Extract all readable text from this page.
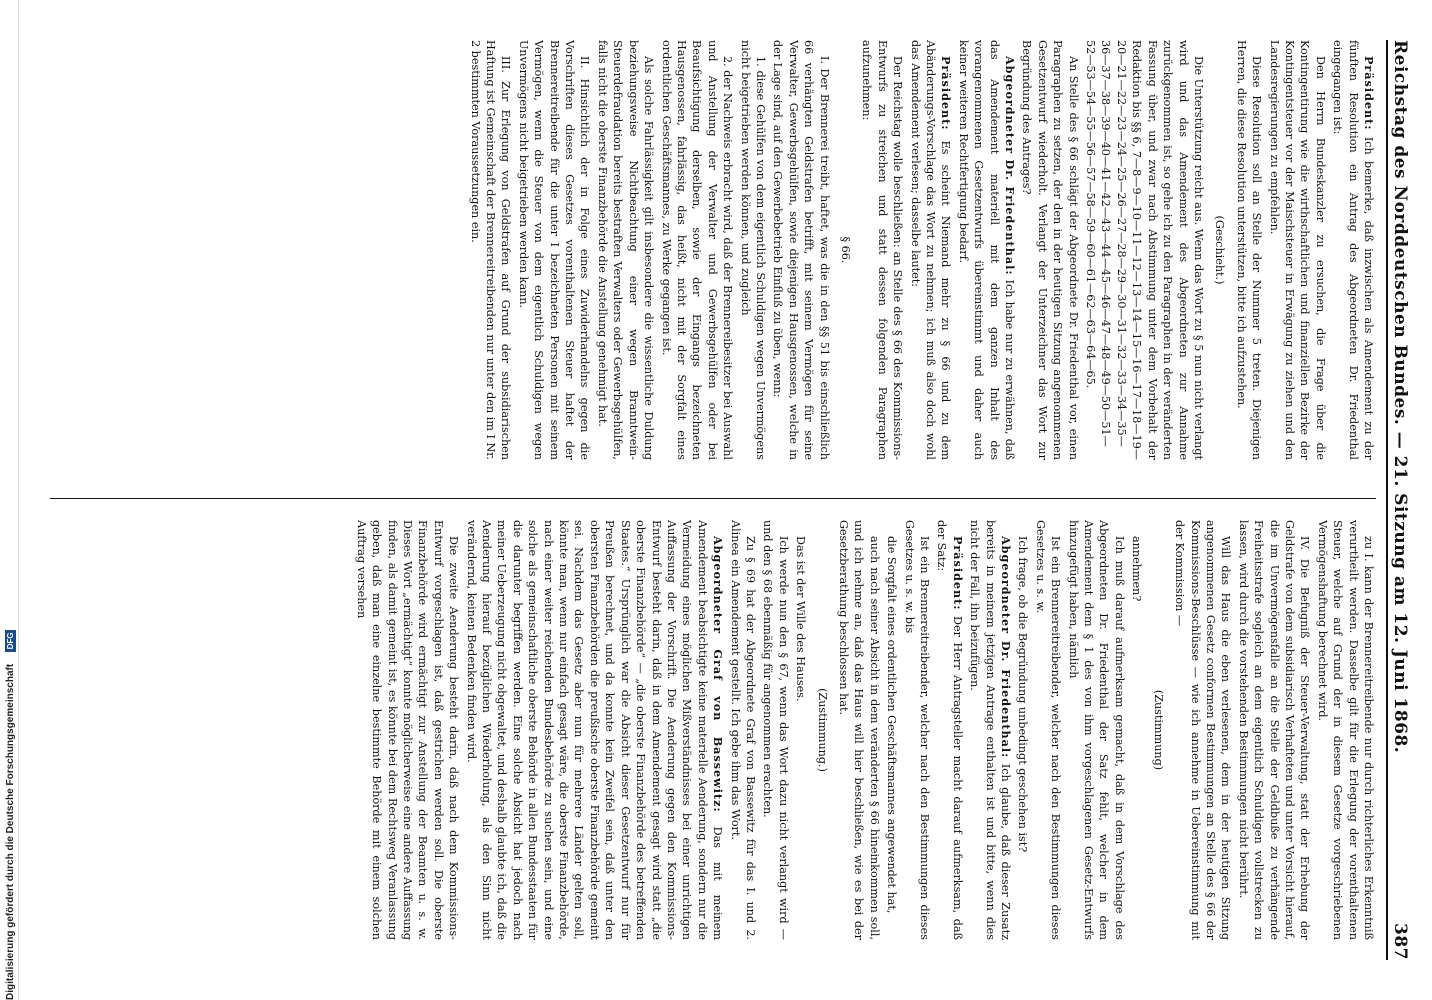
Digitalisierung gefördert durch die Deutsche Forschungsgemeinschaft
DFG	Reichstag des Norddeutschen Bundes. — 21. Sitzung am 12. Juni 1868.
387

Präsident: Ich bemerke, daß inzwischen als Amendement zu der fünften Resolution ein Antrag des Abgeordneten Dr. Friedenthal eingegangen ist:

Den Herrn Bundeskanzler zu ersuchen, die Frage über die Kontingentirung wie die wirthschaftlichen und finanziellen Bezirke der Kontingentsteuer vor der Maischsteuer in Erwägung zu ziehen und den Landesregierungen zu empfehlen.

Diese Resolution soll an Stelle der Nummer 5 treten. Diejenigen Herren, die diese Resolution unterstützen, bitte ich aufzustehen.

(Geschieht.)

Die Unterstützung reicht aus. Wenn das Wort zu § 5 nun nicht verlangt wird und das Amendement des Abgeordneten zur Annahme zurückgenommen ist, so gehe ich zu den Paragraphen in der veränderten Fassung über, und zwar nach Abstimmung unter dem Vorbehalt der Redaktion bis §§ 6, 7—8—9—10—11—12—13—14—15—16—17—18—19—20—21—22—23—24—25—26—27—28—29—30—31—32—33—34—35—36—37—38—39—40—41—42—43—44—45—46—47—48—49—50—51—52—53—54—55—56—57—58—59—60—61—62—63—64—65.

An Stelle des § 66 schlägt der Abgeordnete Dr. Friedenthal vor, einen Paragraphen zu setzen, der den in der heutigen Sitzung angenommenen Gesetzentwurf wiederholt. Verlangt der Unterzeichner das Wort zur Begründung des Antrages?

Abgeordneter Dr. Friedenthal: Ich habe nur zu erwähnen, daß das Amendement materiell mit dem ganzen Inhalt des vorangenommenen Gesetzentwurfs übereinstimmt und daher auch keiner weiteren Rechtfertigung bedarf.

Präsident: Es scheint Niemand mehr zu § 66 und zu dem Abänderungs-Vorschlage das Wort zu nehmen; ich muß also doch wohl das Amendement verlesen; dasselbe lautet:

Der Reichstag wolle beschließen: an Stelle des § 66 des Kommissions-Entwurfs zu streichen und statt dessen folgenden Paragraphen aufzunehmen:

§ 66.

I. Der Brennerei treibt, haftet, was die in den §§ 51 bis einschließlich 66 verhängten Geldstrafen betrifft, mit seinem Vermögen für seine Verwalter, Gewerbsgehülfen, sowie diejenigen Hausgenossen, welche in der Lage sind, auf den Gewerbebetrieb Einfluß zu üben, wenn:

1. diese Gehülfen von dem eigentlich Schuldigen wegen Unvermögens nicht beigetrieben werden können, und zugleich

2. der Nachweis erbracht wird, daß der Brennereibesitzer bei Auswahl und Anstellung der Verwalter und Gewerbsgehülfen oder bei Beaufsichtigung derselben, sowie der Eingangs bezeichneten Hausgenossen, fahrlässig, das heißt, nicht mit der Sorgfalt eines ordentlichen Geschäftsmannes, zu Werke gegangen ist.

Als solche Fahrlässigkeit gilt insbesondere die wissentliche Duldung beziehungsweise Nichtbeachtung einer wegen Branntwein-Steuerdefraudation bereits bestraften Verwalters oder Gewerbsgehülfen, falls nicht die oberste Finanzbehörde die Anstellung genehmigt hat.

II. Hinsichtlich der in Folge eines Zuwiderhandelns gegen die Vorschriften dieses Gesetzes vorenthaltenen Steuer haftet der Brennereitreibende für die unter I bezeichneten Personen mit seinem Vermögen, wenn die Steuer von dem eigentlich Schuldigen wegen Unvermögens nicht beigetrieben werden kann.

III. Zur Erlegung von Geldstrafen auf Grund der subsidiarischen Haftung ist Gemeinschaft der Brennereitreibenden nur unter den im I Nr. 2 bestimmten Voraussetzungen ein.

zu I. kann der Brennereitreibende nur durch richterliches Erkenntniß verurtheilt werden. Dasselbe gilt für die Erlegung der vorenthaltenen Steuer, welche auf Grund der in diesem Gesetze vorgeschriebenen Vermögenshaftung berechnet wird.

IV. Die Befugniß der Steuer-Verwaltung, statt der Erhebung der Geldstrafe von dem subsidiarisch Verhafteten und unter Vorsicht hierauf, die im Unvermögensfalle an die Stelle der Geldbuße zu verhängende Freiheitsstrafe sogleich an dem eigentlich Schuldigen vollstrecken zu lassen, wird durch die vorstehenden Bestimmungen nicht berührt.

Will das Haus die eben verlesenen, dem in der heutigen Sitzung angenommenen Gesetz conformen Bestimmungen an Stelle des § 66 der Kommissions-Beschlüsse — wie ich annehme in Uebereinstimmung mit der Kommission —

(Zustimmung)

annehmen?

Ich muß darauf aufmerksam gemacht, daß in dem Vorschlage des Abgeordneten Dr. Friedenthal der Satz fehlt, welcher in dem Amendement dem § 1 des von ihm vorgeschlagenen Gesetz-Entwurfs hinzugefügt haben, nämlich

Ist ein Brennereitreibender, welcher nach den Bestimmungen dieses Gesetzes u. s. w.

Ich frage, ob die Begründung unbedingt geschehen ist?

Abgeordneter Dr. Friedenthal: Ich glaube, daß dieser Zusatz bereits in meinem jetzigen Antrage enthalten ist und bitte, wenn dies nicht der Fall, ihn beizufügen.

Präsident: Der Herr Antragsteller macht darauf aufmerksam, daß der Satz:

Ist ein Brennereitreibender, welcher nach den Bestimmungen dieses Gesetzes u. s. w. bis

die Sorgfalt eines ordentlichen Geschäftsmannes angewendet hat,

auch nach seiner Absicht in dem veränderten § 66 hineinkommen soll, und ich nehme an, daß das Haus will hier beschließen, wie es bei der Gesetzberathung beschlossen hat.

(Zustimmung.)

Das ist der Wille des Hauses.

Ich werde nun den § 67, wenn das Wort dazu nicht verlangt wird — und den § 68 ebenmäßig für angenommen erachten.

Zu § 69 hat der Abgeordnete Graf von Bassewitz für das I. und 2. Alinea ein Amendement gestellt. Ich gebe ihm das Wort.

Abgeordneter Graf von Bassewitz: Das mit meinem Amendement beabsichtigte keine materielle Aenderung, sondern nur die Vermeidung eines möglichen Mißverständnisses bei einer unrichtigen Auffassung der Vorschrift. Die Aenderung gegen den Kommissions-Entwurf besteht darin, daß in dem Amendement gesagt wird statt „die oberste Finanzbehörde“ — „die oberste Finanzbehörde des betreffenden Staates.“ Ursprünglich war die Absicht dieser Gesetzentwurf nur für Preußen berechnet, und da konnte kein Zweifel sein, daß unter den obersten Finanzbehörden die preußische oberste Finanzbehörde gemeint sei. Nachdem das Gesetz aber nun für mehrere Länder gelten soll, könnte man, wenn nur einfach gesagt wäre, die oberste Finanzbehörde, nach einer weiter reichenden Bundesbehörde zu suchen sein, und eine solche als gemeinschaftliche oberste Behörde in allen Bundesstaaten für die darunter begriffen werden. Eine solche Absicht hat jedoch nach meiner Ueberzeugung nicht obgewaltet, und deshalb glaubte ich, daß die Aenderung hierauf bezüglichen Wiederholung, als den Sinn nicht verändernd, keinen Bedenken finden wird.

Die zweite Aenderung besteht darin, daß nach dem Kommissions-Entwurf vorgeschlagen ist, daß gestrichen werden soll. Die oberste Finanzbehörde wird ermächtigt zur Anstellung der Beamten u. s. w. Dieses Wort „ermächtigt“ konnte möglicherweise eine andere Auffassung finden, als damit gemeint ist, es könnte bei dem Rechtsweg Veranlassung geben, daß man eine einzelne bestimmte Behörde mit einem solchen Auftrag versehen
